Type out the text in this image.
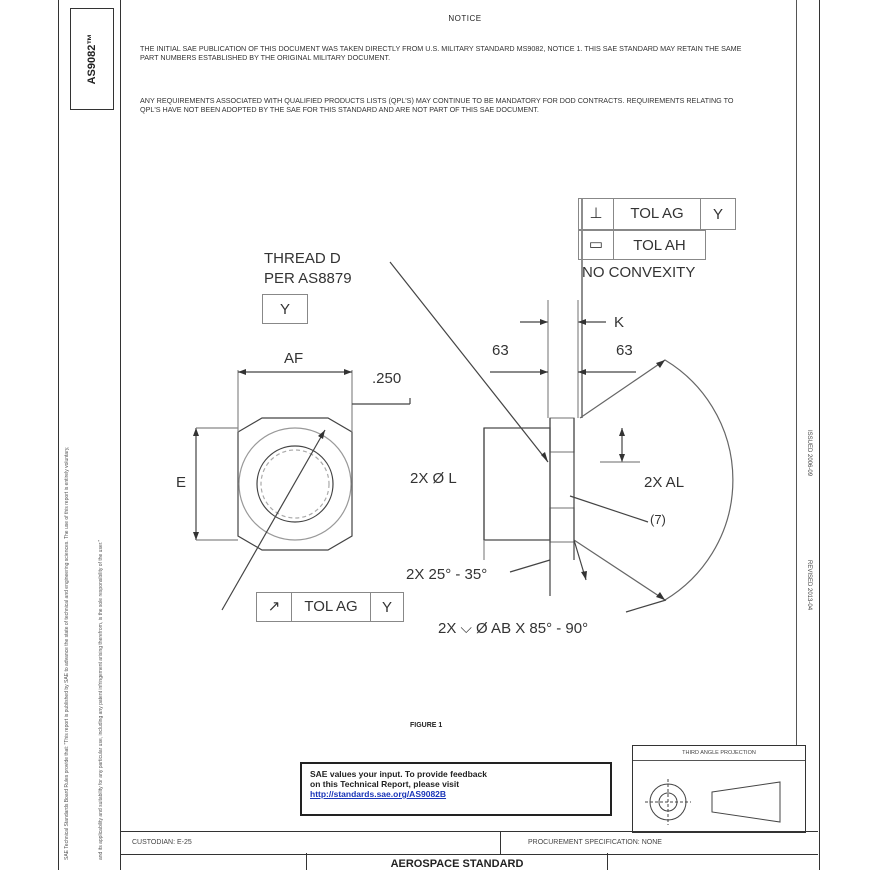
AS9082™
SAE Technical Standards Board Rules provide that: "This report is published by SAE to advance the state of technical and engineering sciences. The use of this report is entirely voluntary,	and its applicability and suitability for any particular use, including any patent infringement arising therefrom, is the sole responsibility of the user."
ISSUED 2006-09
REVISED 2013-04
NOTICE
THE INITIAL SAE PUBLICATION OF THIS DOCUMENT WAS TAKEN DIRECTLY FROM U.S. MILITARY STANDARD MS9082, NOTICE 1. THIS SAE STANDARD MAY RETAIN THE SAME PART NUMBERS ESTABLISHED BY THE ORIGINAL MILITARY DOCUMENT.
ANY REQUIREMENTS ASSOCIATED WITH QUALIFIED PRODUCTS LISTS (QPL'S) MAY CONTINUE TO BE MANDATORY FOR DOD CONTRACTS. REQUIREMENTS RELATING TO QPL'S HAVE NOT BEEN ADOPTED BY THE SAE FOR THIS STANDARD AND ARE NOT PART OF THIS SAE DOCUMENT.
⊥	TOL AG	Y
▭	TOL AH
NO CONVEXITY
THREAD D
PER AS8879
Y
AF
.250
E
63	63
K
2X Ø L	2X AL
(7)
2X 25° - 35°
↗	TOL AG	Y
2X ⌵ Ø AB X 85° - 90°
FIGURE 1
SAE values your input. To provide feedback
on this Technical Report, please visit
http://standards.sae.org/AS9082B
THIRD ANGLE PROJECTION
CUSTODIAN: E-25	PROCUREMENT SPECIFICATION: NONE
AEROSPACE STANDARD
